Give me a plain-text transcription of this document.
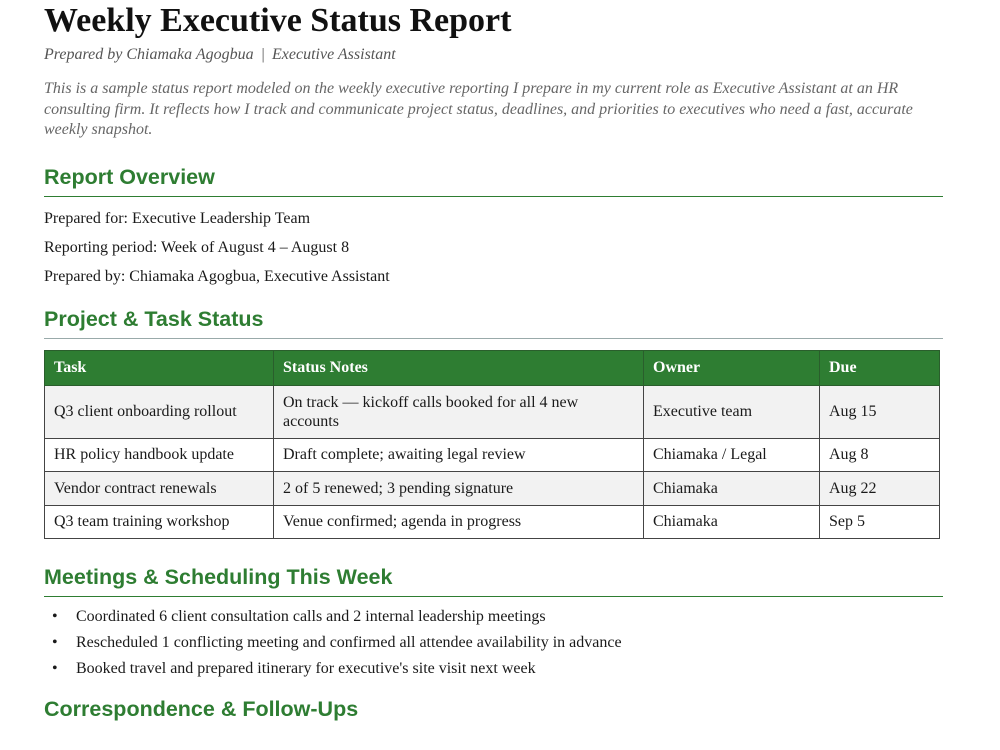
Weekly Executive Status Report
Prepared by Chiamaka Agogbua | Executive Assistant
This is a sample status report modeled on the weekly executive reporting I prepare in my current role as Executive Assistant at an HR consulting firm. It reflects how I track and communicate project status, deadlines, and priorities to executives who need a fast, accurate weekly snapshot.
Report Overview
Prepared for: Executive Leadership Team
Reporting period: Week of August 4 – August 8
Prepared by: Chiamaka Agogbua, Executive Assistant
Project & Task Status
Task	Status Notes	Owner	Due
Q3 client onboarding rollout	On track — kickoff calls booked for all 4 new accounts	Executive team	Aug 15
HR policy handbook update	Draft complete; awaiting legal review	Chiamaka / Legal	Aug 8
Vendor contract renewals	2 of 5 renewed; 3 pending signature	Chiamaka	Aug 22
Q3 team training workshop	Venue confirmed; agenda in progress	Chiamaka	Sep 5
Meetings & Scheduling This Week
• Coordinated 6 client consultation calls and 2 internal leadership meetings
• Rescheduled 1 conflicting meeting and confirmed all attendee availability in advance
• Booked travel and prepared itinerary for executive's site visit next week
Correspondence & Follow-Ups
